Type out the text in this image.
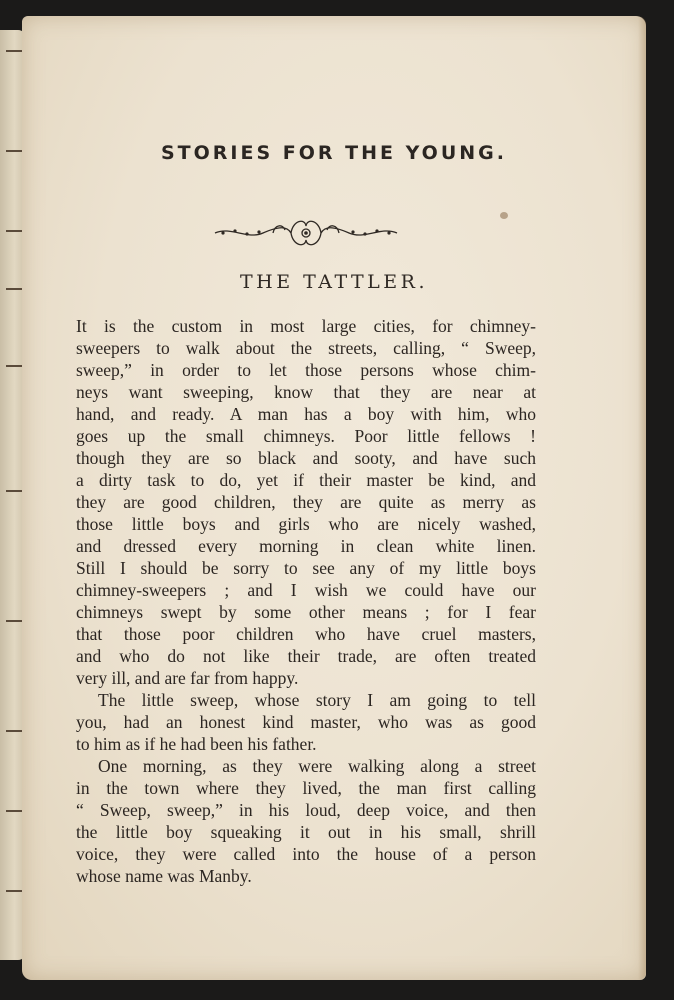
STORIES FOR THE YOUNG.
THE TATTLER.
It is the custom in most large cities, for chimney-
sweepers to walk about the streets, calling, “ Sweep,
sweep,” in order to let those persons whose chim-
neys want sweeping, know that they are near at
hand, and ready. A man has a boy with him, who
goes up the small chimneys. Poor little fellows !
though they are so black and sooty, and have such
a dirty task to do, yet if their master be kind, and
they are good children, they are quite as merry as
those little boys and girls who are nicely washed,
and dressed every morning in clean white linen.
Still I should be sorry to see any of my little boys
chimney-sweepers ; and I wish we could have our
chimneys swept by some other means ; for I fear
that those poor children who have cruel masters,
and who do not like their trade, are often treated
very ill, and are far from happy.
The little sweep, whose story I am going to tell
you, had an honest kind master, who was as good
to him as if he had been his father.
One morning, as they were walking along a street
in the town where they lived, the man first calling
“ Sweep, sweep,” in his loud, deep voice, and then
the little boy squeaking it out in his small, shrill
voice, they were called into the house of a person
whose name was Manby.
